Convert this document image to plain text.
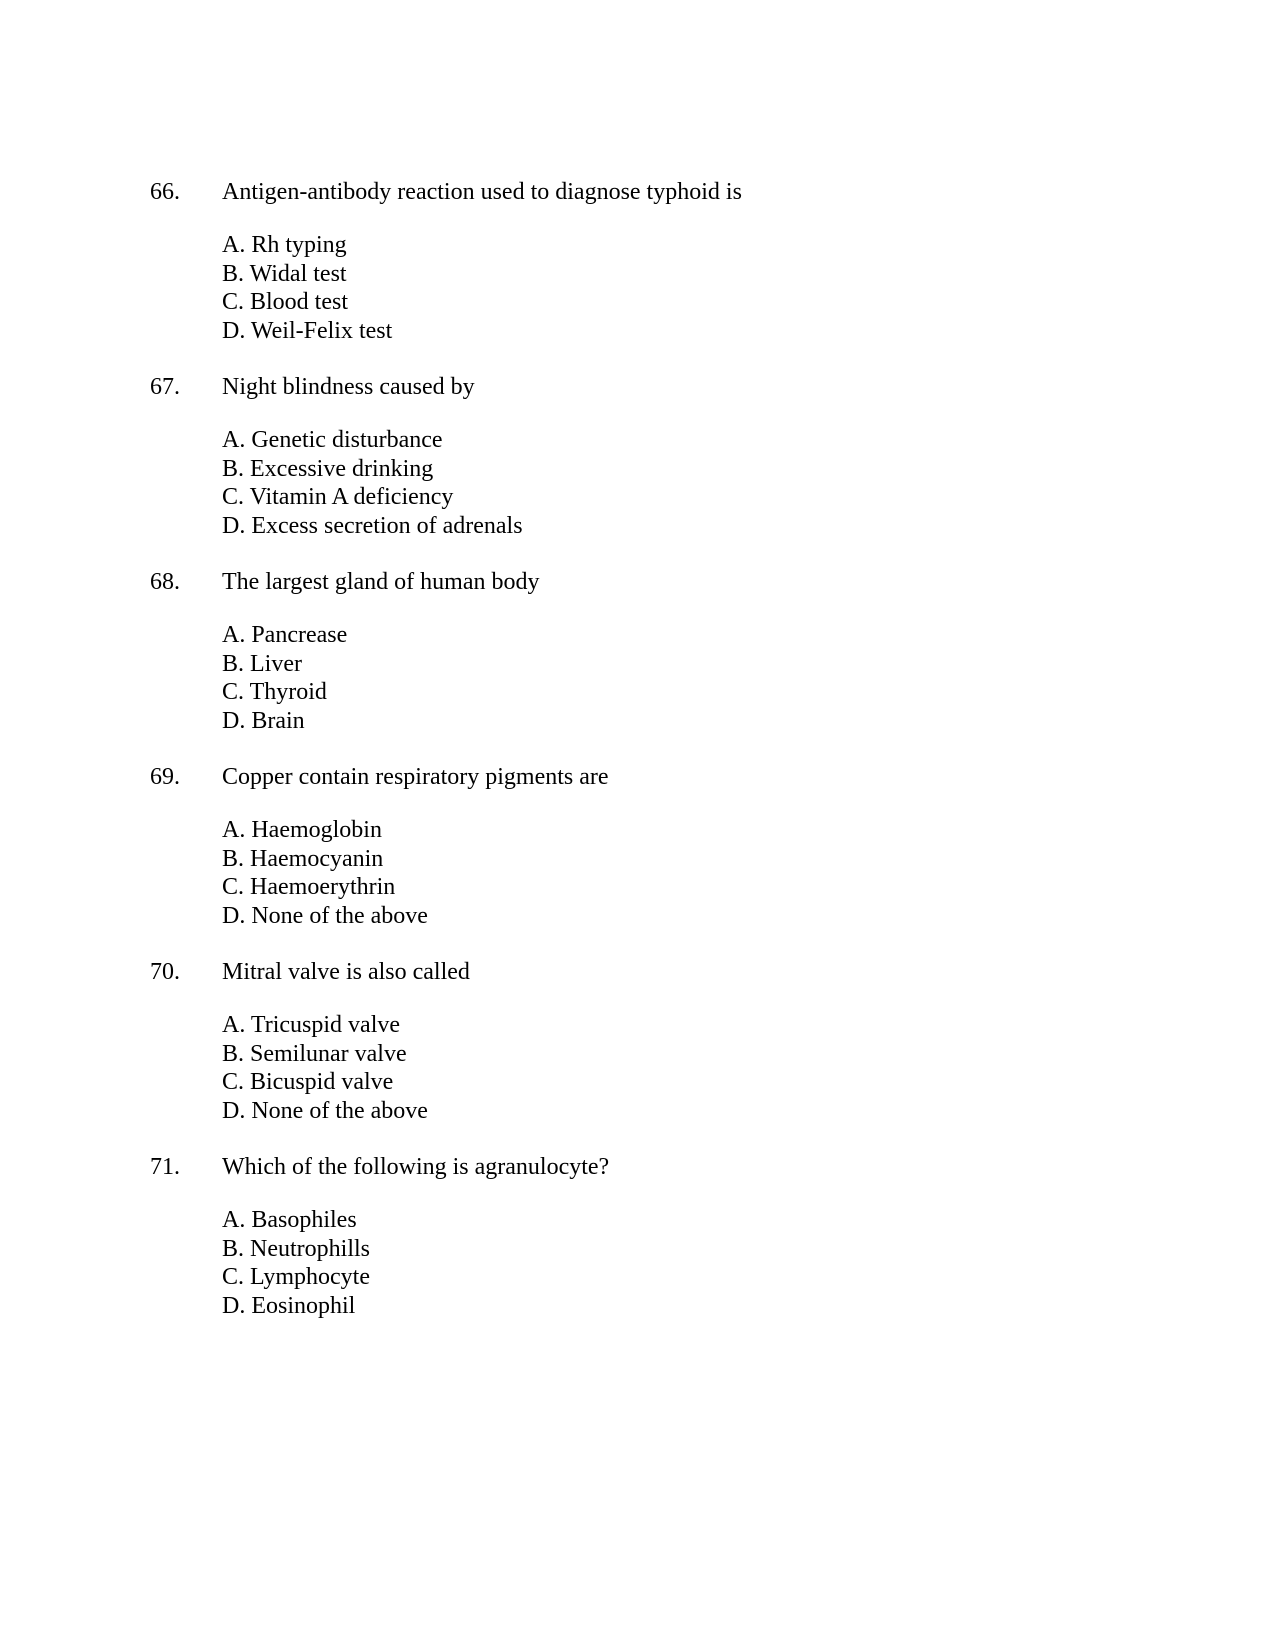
66.	Antigen-antibody reaction used to diagnose typhoid is
A. Rh typing
B. Widal test
C. Blood test
D. Weil-Felix test
67.	Night blindness caused by
A. Genetic disturbance
B. Excessive drinking
C. Vitamin A deficiency
D. Excess secretion of adrenals
68.	The largest gland of human body
A. Pancrease
B. Liver
C. Thyroid
D. Brain
69.	Copper contain respiratory pigments are
A. Haemoglobin
B. Haemocyanin
C. Haemoerythrin
D. None of the above
70.	Mitral valve is also called
A. Tricuspid valve
B. Semilunar valve
C. Bicuspid valve
D. None of the above
71.	Which of the following is agranulocyte?
A. Basophiles
B. Neutrophills
C. Lymphocyte
D. Eosinophil
